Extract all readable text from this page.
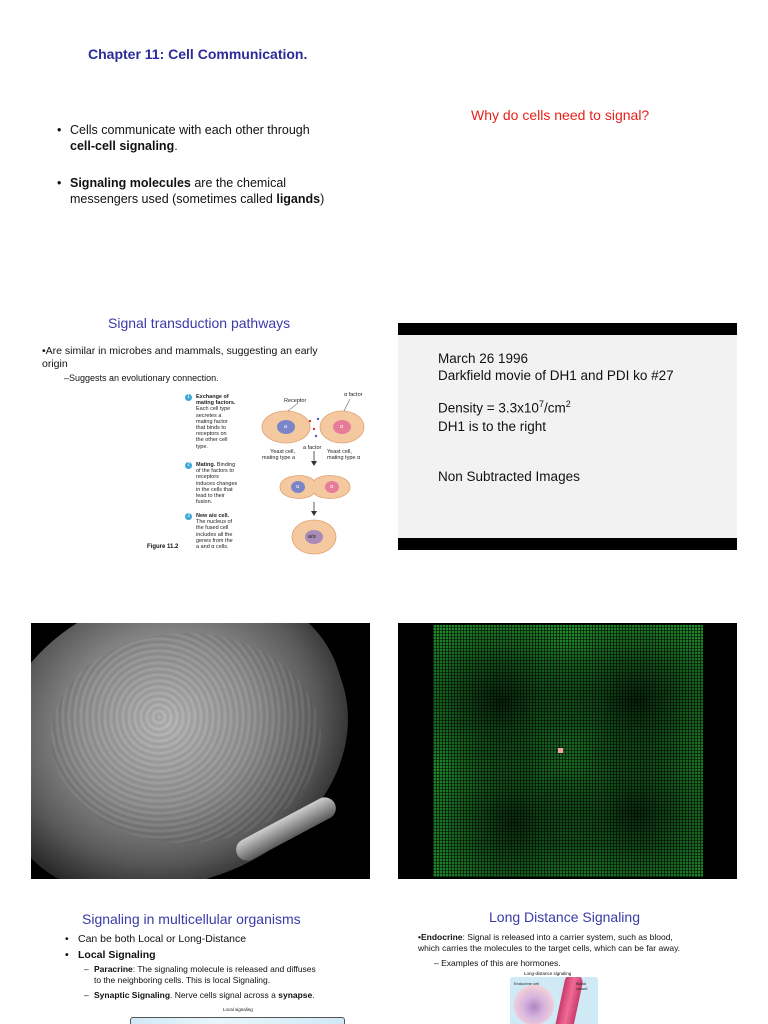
Chapter 11: Cell Communication.
• Cells communicate with each other through
cell-cell signaling.
• Signaling molecules are the chemical
messengers used (sometimes called ligands)
Why do cells need to signal?
Signal transduction pathways
•Are similar in microbes and mammals, suggesting an early
origin
–Suggests an evolutionary connection.
1	Exchange of mating factors.
Each cell type
secretes a
mating factor
that binds to
receptors on
the other cell
type.
2	Mating. Binding
of the factors to
receptors
induces changes
in the cells that
lead to their
fusion.
3	New a/α cell.
The nucleus of
the fused cell
includes all the
genes from the
a and α cells.
Receptor
α factor
a	α
a factor
Yeast cell,
mating type a
Yeast cell,
mating type α
a	α
a/α
Figure 11.2
March 26 1996
Darkfield movie of DH1 and PDI ko #27
Density = $3.3x10^7/cm^2$
DH1 is to the right
Non Subtracted Images
Signaling in multicellular organisms
• Can be both Local or Long-Distance
• Local Signaling
– Paracrine: The signaling molecule is released and diffuses
to the neighboring cells. This is local Signaling.
– Synaptic Signaling. Nerve cells signal across a synapse.
Local signaling
Long Distance Signaling
•Endocrine: Signal is released into a carrier system, such as blood,
which carries the molecules to the target cells, which can be far away.
– Examples of this are hormones.
Long-distance signaling
Endocrine cell	Blood vessel
